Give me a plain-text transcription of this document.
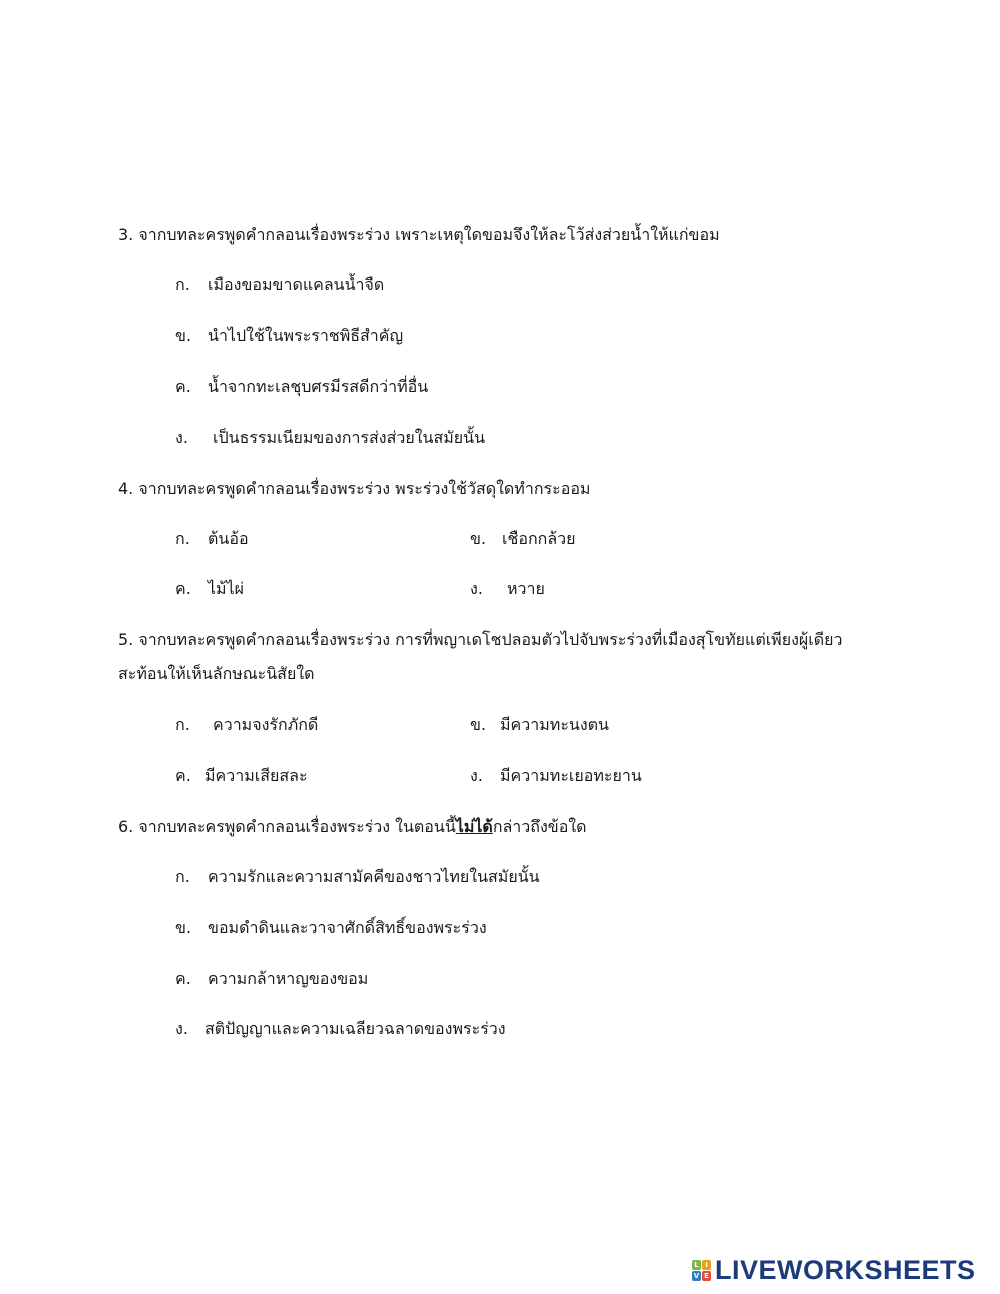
3. จากบทละครพูดคำกลอนเรื่องพระร่วง เพราะเหตุใดขอมจึงให้ละโว้ส่งส่วยน้ำให้แก่ขอม
ก. เมืองขอมขาดแคลนน้ำจืด
ข. นำไปใช้ในพระราชพิธีสำคัญ
ค. น้ำจากทะเลชุบศรมีรสดีกว่าที่อื่น
ง. เป็นธรรมเนียมของการส่งส่วยในสมัยนั้น
4. จากบทละครพูดคำกลอนเรื่องพระร่วง พระร่วงใช้วัสดุใดทำกระออม
ก. ต้นอ้อ	ข. เชือกกล้วย
ค. ไม้ไผ่	ง. หวาย
5. จากบทละครพูดคำกลอนเรื่องพระร่วง การที่พญาเดโชปลอมตัวไปจับพระร่วงที่เมืองสุโขทัยแต่เพียงผู้เดียว
สะท้อนให้เห็นลักษณะนิสัยใด
ก. ความจงรักภักดี	ข. มีความทะนงตน
ค. มีความเสียสละ	ง. มีความทะเยอทะยาน
6. จากบทละครพูดคำกลอนเรื่องพระร่วง ในตอนนี้ไม่ได้กล่าวถึงข้อใด
ก. ความรักและความสามัคคีของชาวไทยในสมัยนั้น
ข. ขอมดำดินและวาจาศักดิ์สิทธิ์ของพระร่วง
ค. ความกล้าหาญของขอม
ง. สติปัญญาและความเฉลียวฉลาดของพระร่วง
L I
V E LIVEWORKSHEETS
